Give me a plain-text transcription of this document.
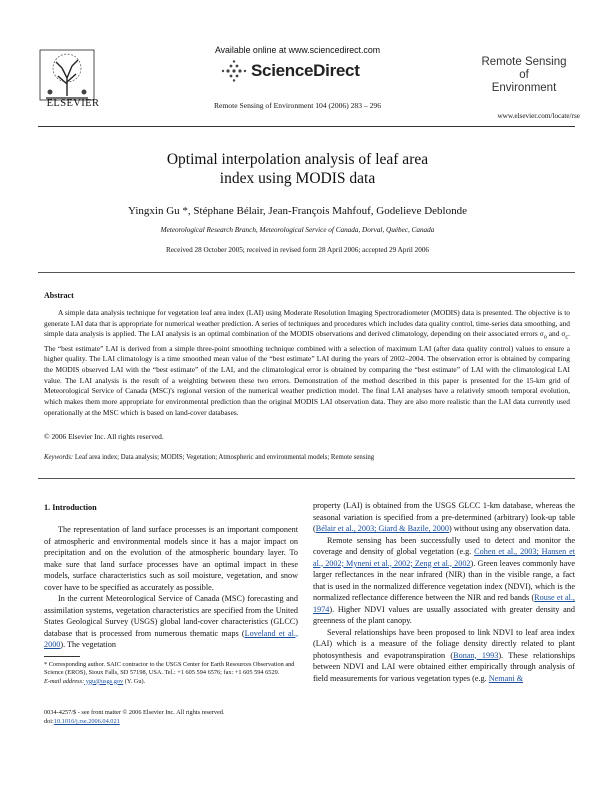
ELSEVIER
Available online at www.sciencedirect.com
ScienceDirect
Remote Sensing of Environment 104 (2006) 283 – 296
Remote Sensing
of
Environment
www.elsevier.com/locate/rse
Optimal interpolation analysis of leaf area
index using MODIS data
Yingxin Gu *, Stéphane Bélair, Jean-François Mahfouf, Godelieve Deblonde
Meteorological Research Branch, Meteorological Service of Canada, Dorval, Québec, Canada
Received 28 October 2005; received in revised form 28 April 2006; accepted 29 April 2006
Abstract

A simple data analysis technique for vegetation leaf area index (LAI) using Moderate Resolution Imaging Spectroradiometer (MODIS) data is presented. The objective is to generate LAI data that is appropriate for numerical weather prediction. A series of techniques and procedures which includes data quality control, time-series data smoothing, and simple data analysis is applied. The LAI analysis is an optimal combination of the MODIS observations and derived climatology, depending on their associated errors $\sigma_o$ and $\sigma_c$. The “best estimate” LAI is derived from a simple three-point smoothing technique combined with a selection of maximum LAI (after data quality control) values to ensure a higher quality. The LAI climatology is a time smoothed mean value of the “best estimate” LAI during the years of 2002–2004. The observation error is obtained by comparing the MODIS observed LAI with the “best estimate” of the LAI, and the climatological error is obtained by comparing the “best estimate” of LAI with the climatological LAI value. The LAI analysis is the result of a weighting between these two errors. Demonstration of the method described in this paper is presented for the 15-km grid of Meteorological Service of Canada (MSC)'s regional version of the numerical weather prediction model. The final LAI analyses have a relatively smooth temporal evolution, which makes them more appropriate for environmental prediction than the original MODIS LAI observation data. They are also more realistic than the LAI data currently used operationally at the MSC which is based on land-cover databases.

© 2006 Elsevier Inc. All rights reserved.
Keywords: Leaf area index; Data analysis; MODIS; Vegetation; Atmospheric and environmental models; Remote sensing
1. Introduction

The representation of land surface processes is an important component of atmospheric and environmental models since it has a major impact on precipitation and on the evolution of the atmospheric boundary layer. To make sure that land surface processes have an optimal impact in these models, surface characteristics such as soil moisture, vegetation, and snow cover have to be specified as accurately as possible.

In the current Meteorological Service of Canada (MSC) forecasting and assimilation systems, vegetation characteristics are specified from the United States Geological Survey (USGS) global land-cover characteristics (GLCC) database that is processed from numerous thematic maps (Loveland et al., 2000). The vegetation

property (LAI) is obtained from the USGS GLCC 1-km database, whereas the seasonal variation is specified from a pre-determined (arbitrary) look-up table (Bélair et al., 2003; Giard & Bazile, 2000) without using any observation data.

Remote sensing has been successfully used to detect and monitor the coverage and density of global vegetation (e.g. Cohen et al., 2003; Hansen et al., 2002; Myneni et al., 2002; Zeng et al., 2002). Green leaves commonly have larger reflectances in the near infrared (NIR) than in the visible range, a fact that is used in the normalized difference vegetation index (NDVI), which is the normalized reflectance difference between the NIR and red bands (Rouse et al., 1974). Higher NDVI values are usually associated with greater density and greenness of the plant canopy.

Several relationships have been proposed to link NDVI to leaf area index (LAI) which is a measure of the foliage density directly related to plant photosynthesis and evapotranspiration (Bonan, 1993). These relationships between NDVI and LAI were obtained either empirically through analysis of field measurements for various vegetation types (e.g. Nemani &

* Corresponding author. SAIC contractor to the USGS Center for Earth Resources Observation and Science (EROS), Sioux Falls, SD 57198, USA. Tel.: +1 605 594 6576; fax: +1 605 594 6529.
E-mail address: ygu@usgs.gov (Y. Gu).
0034-4257/$ - see front matter © 2006 Elsevier Inc. All rights reserved.
doi:10.1016/j.rse.2006.04.021
